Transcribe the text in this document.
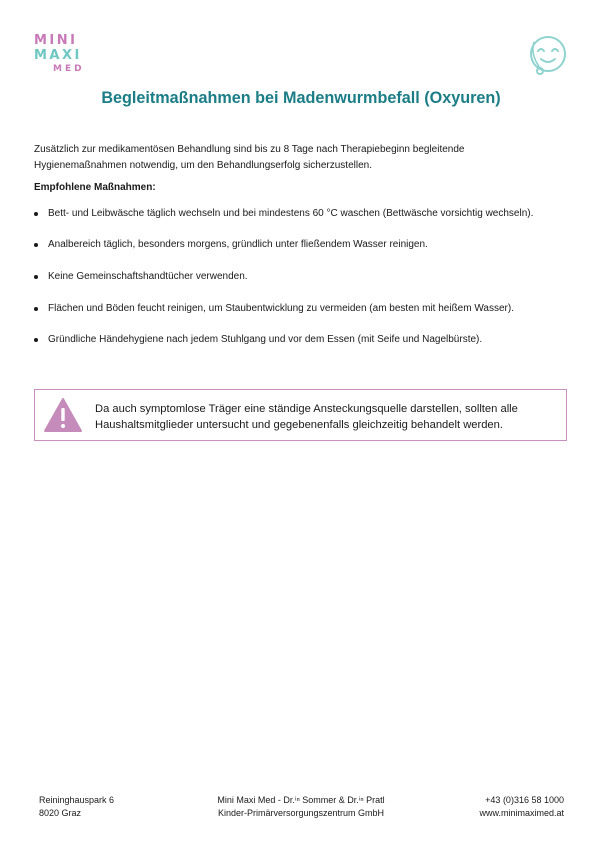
MINI
MAXI
MED
Begleitmaßnahmen bei Madenwurmbefall (Oxyuren)

Zusätzlich zur medikamentösen Behandlung sind bis zu 8 Tage nach Therapiebeginn begleitende Hygienemaßnahmen notwendig, um den Behandlungserfolg sicherzustellen.

Empfohlene Maßnahmen:

Bett- und Leibwäsche täglich wechseln und bei mindestens 60 °C waschen (Bettwäsche vorsichtig wechseln).
Analbereich täglich, besonders morgens, gründlich unter fließendem Wasser reinigen.
Keine Gemeinschaftshandtücher verwenden.
Flächen und Böden feucht reinigen, um Staubentwicklung zu vermeiden (am besten mit heißem Wasser).
Gründliche Händehygiene nach jedem Stuhlgang und vor dem Essen (mit Seife und Nagelbürste).

Da auch symptomlose Träger eine ständige Ansteckungsquelle darstellen, sollten alle Haushaltsmitglieder untersucht und gegebenenfalls gleichzeitig behandelt werden.

Reininghauspark 6
8020 Graz
Mini Maxi Med - Dr.ⁱⁿ Sommer & Dr.ⁱⁿ Pratl
Kinder-Primärversorgungszentrum GmbH
+43 (0)316 58 1000
www.minimaximed.at
